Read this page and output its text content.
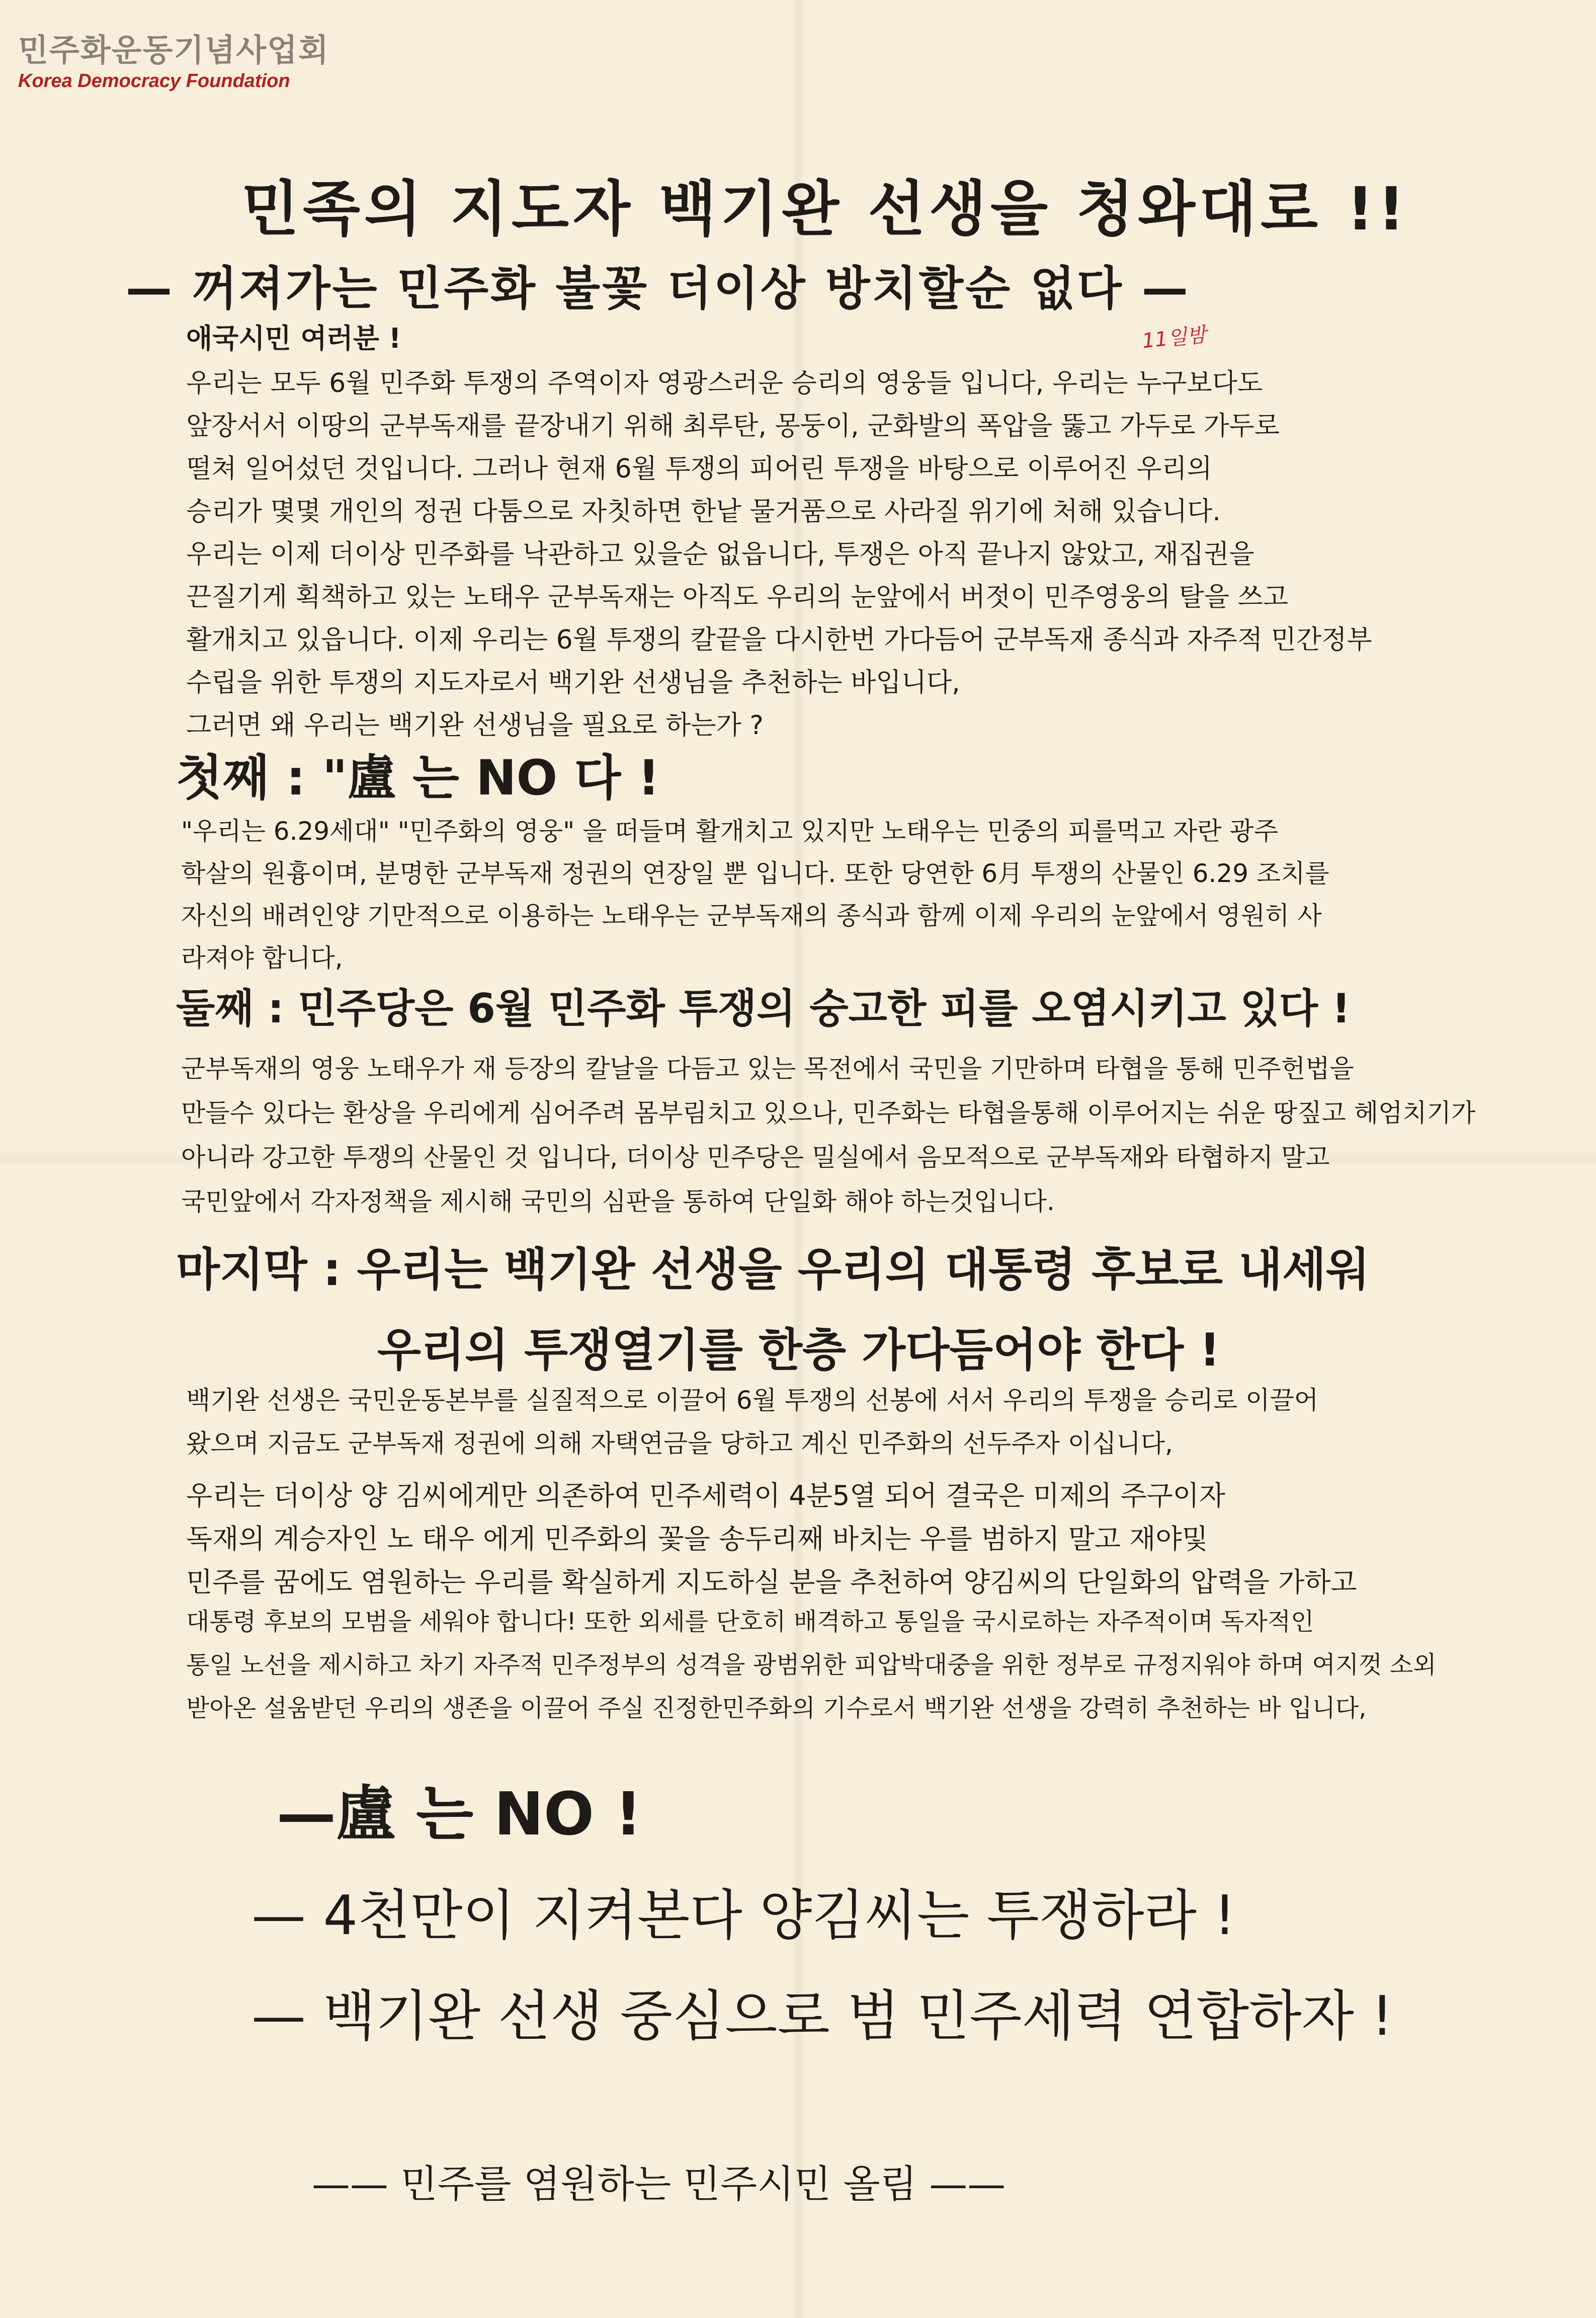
민주화운동기념사업회
Korea Democracy Foundation
민족의 지도자 백기완 선생을 청와대로 !!
— 꺼져가는 민주화 불꽃 더이상 방치할순 없다 —
11일밤
애국시민 여러분 !
우리는 모두 6월 민주화 투쟁의 주역이자 영광스러운 승리의 영웅들 입니다, 우리는 누구보다도
앞장서서 이땅의 군부독재를 끝장내기 위해 최루탄, 몽둥이, 군화발의 폭압을 뚫고 가두로 가두로
떨쳐 일어섰던 것입니다. 그러나 현재 6월 투쟁의 피어린 투쟁을 바탕으로 이루어진 우리의
승리가 몇몇 개인의 정권 다툼으로 자칫하면 한낱 물거품으로 사라질 위기에 처해 있습니다.
우리는 이제 더이상 민주화를 낙관하고 있을순 없읍니다, 투쟁은 아직 끝나지 않았고, 재집권을
끈질기게 획책하고 있는 노태우 군부독재는 아직도 우리의 눈앞에서 버젓이 민주영웅의 탈을 쓰고
활개치고 있읍니다. 이제 우리는 6월 투쟁의 칼끝을 다시한번 가다듬어 군부독재 종식과 자주적 민간정부
수립을 위한 투쟁의 지도자로서 백기완 선생님을 추천하는 바입니다,
그러면 왜 우리는 백기완 선생님을 필요로 하는가 ?
첫째 : "盧 는 NO 다 !
"우리는 6.29세대" "민주화의 영웅" 을 떠들며 활개치고 있지만 노태우는 민중의 피를먹고 자란 광주
학살의 원흉이며, 분명한 군부독재 정권의 연장일 뿐 입니다. 또한 당연한 6月 투쟁의 산물인 6.29 조치를
자신의 배려인양 기만적으로 이용하는 노태우는 군부독재의 종식과 함께 이제 우리의 눈앞에서 영원히 사
라져야 합니다,
둘째 : 민주당은 6월 민주화 투쟁의 숭고한 피를 오염시키고 있다 !
군부독재의 영웅 노태우가 재 등장의 칼날을 다듬고 있는 목전에서 국민을 기만하며 타협을 통해 민주헌법을
만들수 있다는 환상을 우리에게 심어주려 몸부림치고 있으나, 민주화는 타협을통해 이루어지는 쉬운 땅짚고 헤엄치기가
아니라 강고한 투쟁의 산물인 것 입니다, 더이상 민주당은 밀실에서 음모적으로 군부독재와 타협하지 말고
국민앞에서 각자정책을 제시해 국민의 심판을 통하여 단일화 해야 하는것입니다.
마지막 : 우리는 백기완 선생을 우리의 대통령 후보로 내세워
우리의 투쟁열기를 한층 가다듬어야 한다 !
백기완 선생은 국민운동본부를 실질적으로 이끌어 6월 투쟁의 선봉에 서서 우리의 투쟁을 승리로 이끌어
왔으며 지금도 군부독재 정권에 의해 자택연금을 당하고 계신 민주화의 선두주자 이십니다,
우리는 더이상 양 김씨에게만 의존하여 민주세력이 4분5열 되어 결국은 미제의 주구이자
독재의 계승자인 노 태우 에게 민주화의 꽃을 송두리째 바치는 우를 범하지 말고 재야및
민주를 꿈에도 염원하는 우리를 확실하게 지도하실 분을 추천하여 양김씨의 단일화의 압력을 가하고
대통령 후보의 모범을 세워야 합니다! 또한 외세를 단호히 배격하고 통일을 국시로하는 자주적이며 독자적인
통일 노선을 제시하고 차기 자주적 민주정부의 성격을 광범위한 피압박대중을 위한 정부로 규정지워야 하며 여지껏 소외
받아온 설움받던 우리의 생존을 이끌어 주실 진정한민주화의 기수로서 백기완 선생을 강력히 추천하는 바 입니다,
—盧 는 NO !
— 4천만이 지켜본다 양김씨는 투쟁하라 !
— 백기완 선생 중심으로 범 민주세력 연합하자 !
—— 민주를 염원하는 민주시민 올림 ——
